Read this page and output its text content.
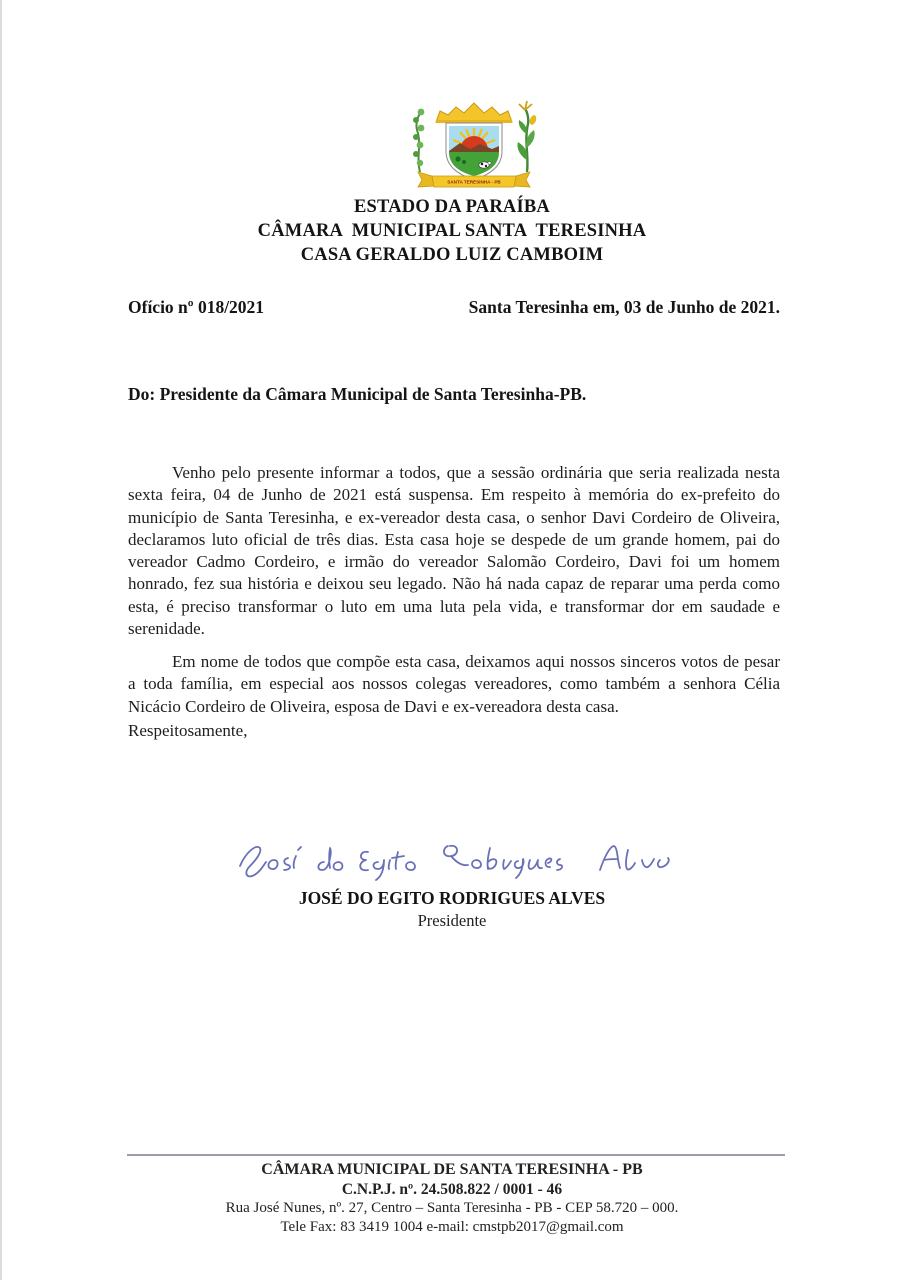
SANTA TERESINHA - PB
ESTADO DA PARAÍBA
CÂMARA  MUNICIPAL SANTA  TERESINHA
CASA GERALDO LUIZ CAMBOIM
Ofício nº 018/2021	Santa Teresinha em, 03 de Junho de 2021.
Do: Presidente da Câmara Municipal de Santa Teresinha-PB.

Venho pelo presente informar a todos, que a sessão ordinária que seria realizada nesta sexta feira, 04 de Junho de 2021 está suspensa. Em respeito à memória do ex-prefeito do município de Santa Teresinha, e ex-vereador desta casa, o senhor Davi Cordeiro de Oliveira, declaramos luto oficial de três dias. Esta casa hoje se despede de um grande homem, pai do vereador Cadmo Cordeiro, e irmão do vereador Salomão Cordeiro, Davi foi um homem honrado, fez sua história e deixou seu legado. Não há nada capaz de reparar uma perda como esta, é preciso transformar o luto em uma luta pela vida, e transformar dor em saudade e serenidade.

Em nome de todos que compõe esta casa, deixamos aqui nossos sinceros votos de pesar a toda família, em especial aos nossos colegas vereadores, como também a senhora Célia Nicácio Cordeiro de Oliveira, esposa de Davi e ex-vereadora desta casa.

Respeitosamente,
JOSÉ DO EGITO RODRIGUES ALVES
Presidente
CÂMARA MUNICIPAL DE SANTA TERESINHA - PB
C.N.P.J. nº. 24.508.822 / 0001 - 46
Rua José Nunes, nº. 27, Centro – Santa Teresinha - PB - CEP 58.720 – 000.
Tele Fax: 83 3419 1004 e-mail: cmstpb2017@gmail.com
